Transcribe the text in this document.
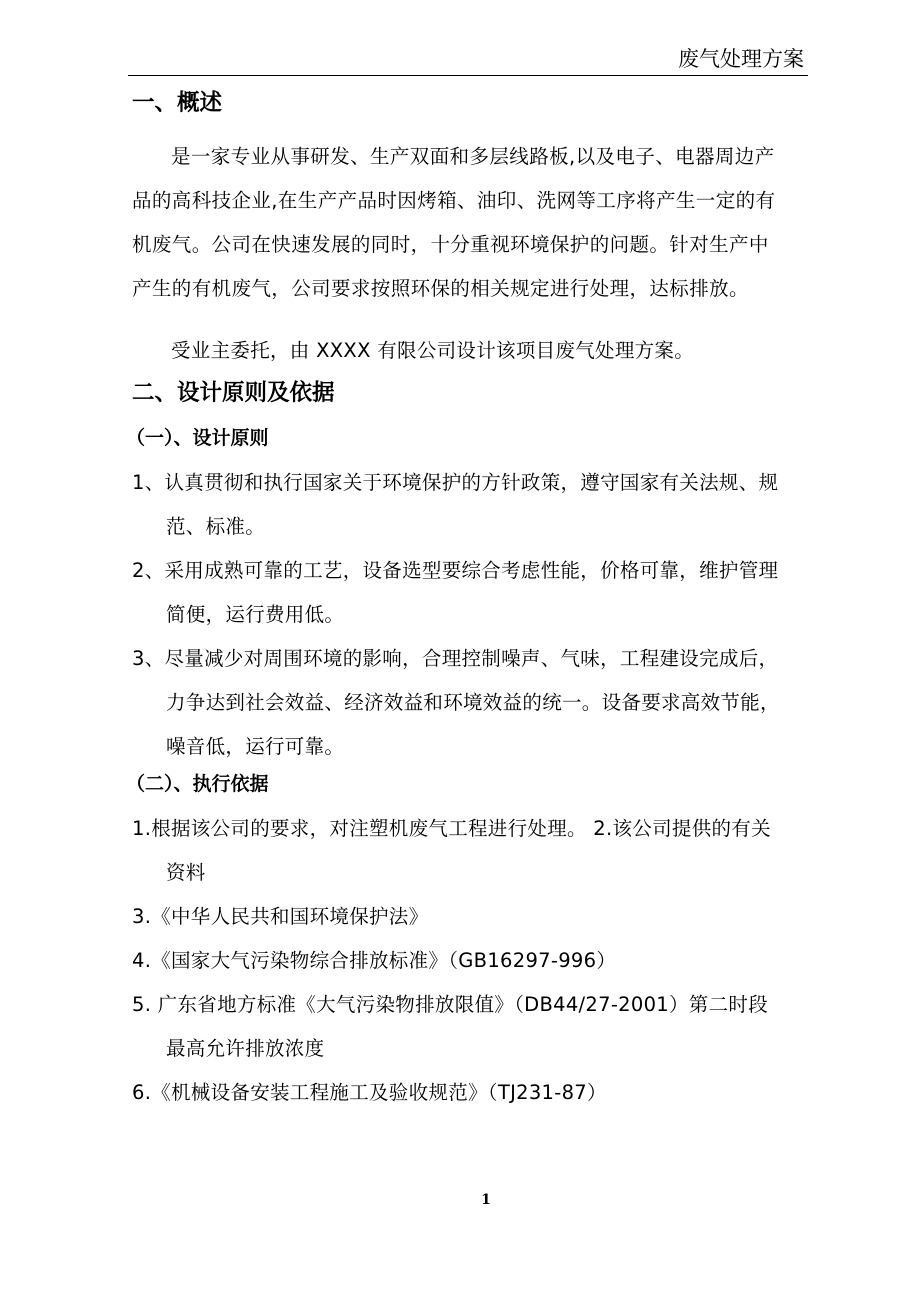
废气处理方案
一、概述
是一家专业从事研发、生产双面和多层线路板,以及电子、电器周边产
品的高科技企业,在生产产品时因烤箱、油印、洗网等工序将产生一定的有
机废气。公司在快速发展的同时，十分重视环境保护的问题。针对生产中
产生的有机废气，公司要求按照环保的相关规定进行处理，达标排放。
受业主委托，由 XXXX 有限公司设计该项目废气处理方案。
二、设计原则及依据
（一）、设计原则
1、认真贯彻和执行国家关于环境保护的方针政策，遵守国家有关法规、规
范、标准。
2、采用成熟可靠的工艺，设备选型要综合考虑性能，价格可靠，维护管理
简便，运行费用低。
3、尽量减少对周围环境的影响，合理控制噪声、气味，工程建设完成后，
力争达到社会效益、经济效益和环境效益的统一。设备要求高效节能，
噪音低，运行可靠。
（二）、执行依据
1.根据该公司的要求，对注塑机废气工程进行处理。 2.该公司提供的有关
资料
3.《中华人民共和国环境保护法》
4.《国家大气污染物综合排放标准》（GB16297-996）
5. 广东省地方标准《大气污染物排放限值》（DB44/27-2001）第二时段
最高允许排放浓度
6.《机械设备安装工程施工及验收规范》（TJ231-87）
1
